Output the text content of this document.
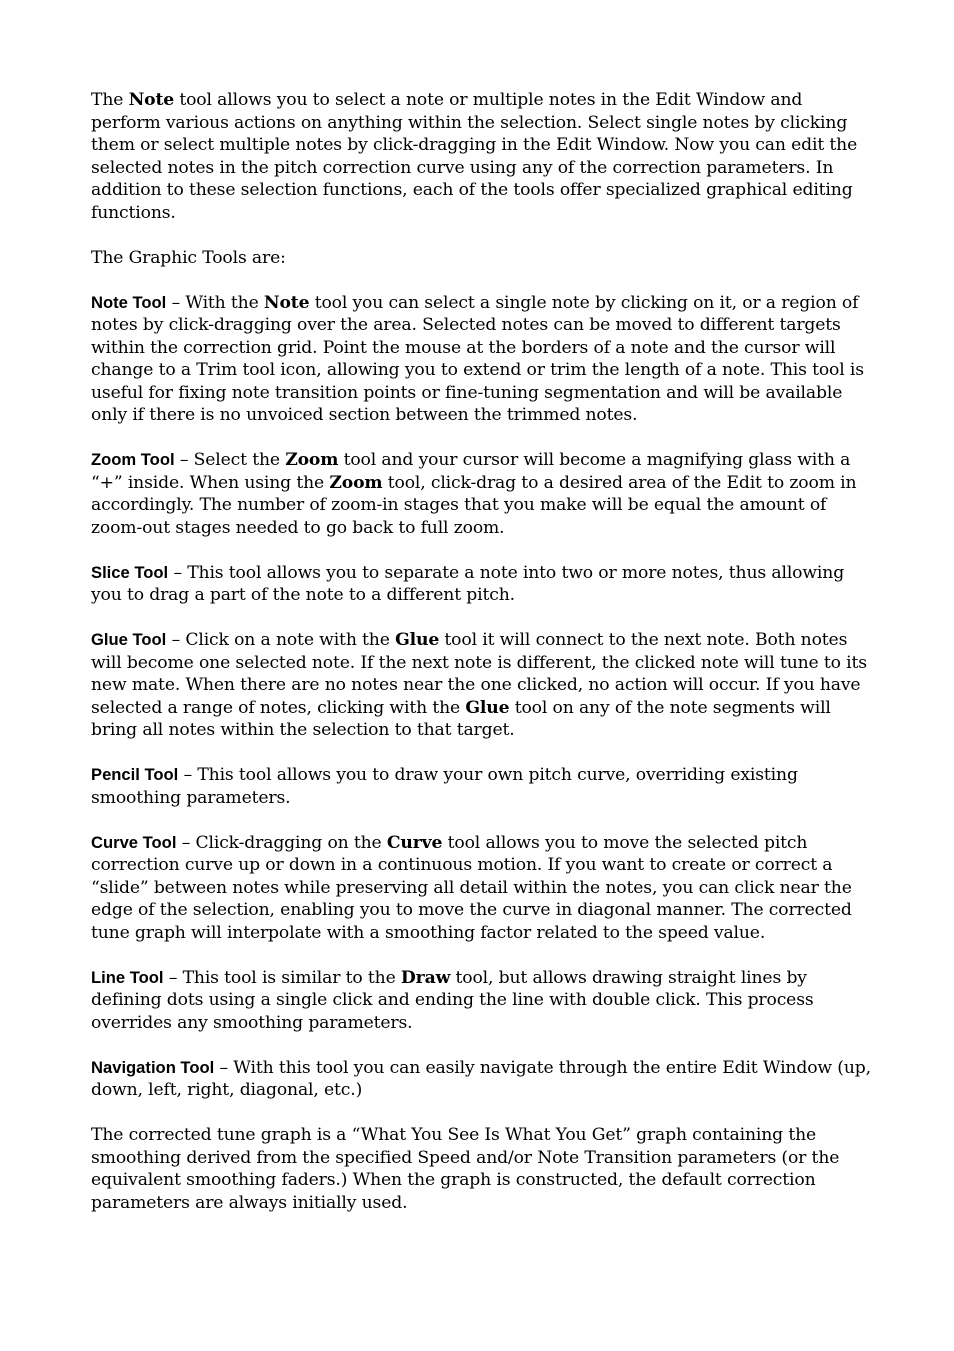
The Note tool allows you to select a note or multiple notes in the Edit Window and perform various actions on anything within the selection. Select single notes by clicking them or select multiple notes by click-dragging in the Edit Window. Now you can edit the selected notes in the pitch correction curve using any of the correction parameters. In addition to these selection functions, each of the tools offer specialized graphical editing functions.

The Graphic Tools are:

Note Tool – With the Note tool you can select a single note by clicking on it, or a region of notes by click-dragging over the area. Selected notes can be moved to different targets within the correction grid. Point the mouse at the borders of a note and the cursor will change to a Trim tool icon, allowing you to extend or trim the length of a note. This tool is useful for fixing note transition points or fine-tuning segmentation and will be available only if there is no unvoiced section between the trimmed notes.

Zoom Tool – Select the Zoom tool and your cursor will become a magnifying glass with a “+” inside. When using the Zoom tool, click-drag to a desired area of the Edit to zoom in accordingly. The number of zoom-in stages that you make will be equal the amount of zoom-out stages needed to go back to full zoom.

Slice Tool – This tool allows you to separate a note into two or more notes, thus allowing you to drag a part of the note to a different pitch.

Glue Tool – Click on a note with the Glue tool it will connect to the next note. Both notes will become one selected note. If the next note is different, the clicked note will tune to its new mate. When there are no notes near the one clicked, no action will occur. If you have selected a range of notes, clicking with the Glue tool on any of the note segments will bring all notes within the selection to that target.

Pencil Tool – This tool allows you to draw your own pitch curve, overriding existing smoothing parameters.

Curve Tool – Click-dragging on the Curve tool allows you to move the selected pitch correction curve up or down in a continuous motion. If you want to create or correct a “slide” between notes while preserving all detail within the notes, you can click near the edge of the selection, enabling you to move the curve in diagonal manner. The corrected tune graph will interpolate with a smoothing factor related to the speed value.

Line Tool – This tool is similar to the Draw tool, but allows drawing straight lines by defining dots using a single click and ending the line with double click. This process overrides any smoothing parameters.

Navigation Tool – With this tool you can easily navigate through the entire Edit Window (up, down, left, right, diagonal, etc.)

The corrected tune graph is a “What You See Is What You Get” graph containing the smoothing derived from the specified Speed and/or Note Transition parameters (or the equivalent smoothing faders.) When the graph is constructed, the default correction parameters are always initially used.
